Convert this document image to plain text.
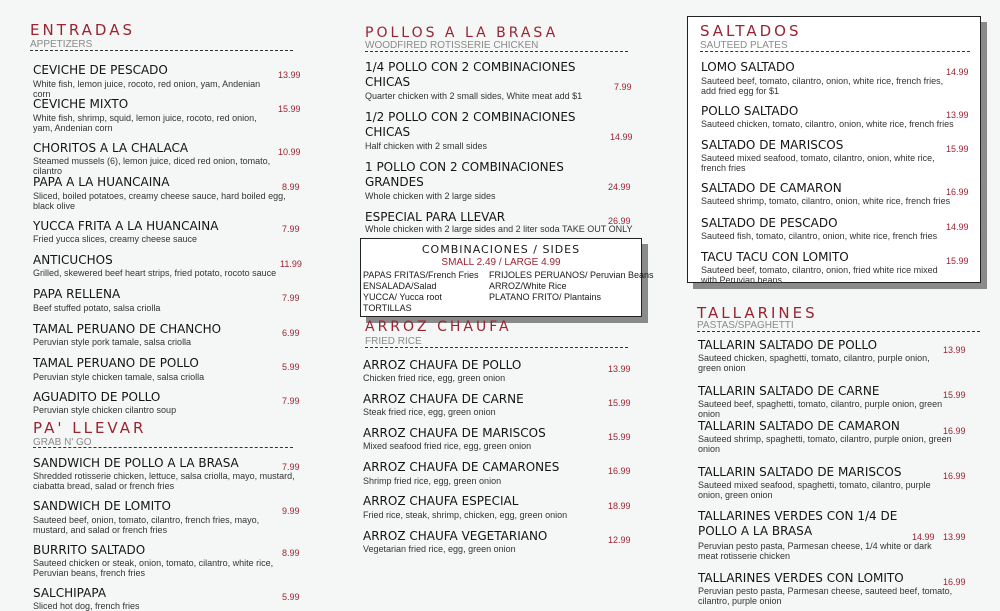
ENTRADAS
APPETIZERS
CEVICHE DE PESCADO
White fish, lemon juice, rocoto, red onion, yam, Andenian corn
13.99
CEVICHE MIXTO
White fish, shrimp, squid, lemon juice, rocoto, red onion, yam, Andenian corn
15.99
CHORITOS A LA CHALACA
Steamed mussels (6), lemon juice, diced red onion, tomato, cilantro
10.99
PAPA A LA HUANCAINA
Sliced, boiled potatoes, creamy cheese sauce, hard boiled egg, black olive
8.99
YUCCA FRITA A LA HUANCAINA
Fried yucca slices, creamy cheese sauce
7.99
ANTICUCHOS
Grilled, skewered beef heart strips, fried potato, rocoto sauce
11.99
PAPA RELLENA
Beef stuffed potato, salsa criolla
7.99
TAMAL PERUANO DE CHANCHO
Peruvian style pork tamale, salsa criolla
6.99
TAMAL PERUANO DE POLLO
Peruvian style chicken tamale, salsa criolla
5.99
AGUADITO DE POLLO
Peruvian style chicken cilantro soup
7.99
PA' LLEVAR
GRAB N' GO
SANDWICH DE POLLO A LA BRASA
Shredded rotisserie chicken, lettuce, salsa criolla, mayo, mustard, ciabatta bread, salad or french fries
7.99
SANDWICH DE LOMITO
Sauteed beef, onion, tomato, cilantro, french fries, mayo, mustard, and salad or french fries
9.99
BURRITO SALTADO
Sauteed chicken or steak, onion, tomato, cilantro, white rice, Peruvian beans, french fries
8.99
SALCHIPAPA
Sliced hot dog, french fries
5.99
POLLOS A LA BRASA
WOODFIRED ROTISSERIE CHICKEN
1/4 POLLO CON 2 COMBINACIONES CHICAS
Quarter chicken with 2 small sides, White meat add $1
7.99
1/2 POLLO CON 2 COMBINACIONES CHICAS
Half chicken with 2 small sides
14.99
1 POLLO CON 2 COMBINACIONES GRANDES
Whole chicken with 2 large sides
24.99
ESPECIAL PARA LLEVAR
Whole chicken with 2 large sides and 2 liter soda TAKE OUT ONLY
26.99
COMBINACIONES / SIDES
SMALL 2.49 / LARGE 4.99
PAPAS FRITAS/French Fries
ENSALADA/Salad
YUCCA/ Yucca root
TORTILLAS
FRIJOLES PERUANOS/ Peruvian Beans
ARROZ/White Rice
PLATANO FRITO/ Plantains
ARROZ CHAUFA
FRIED RICE
ARROZ CHAUFA DE POLLO
Chicken fried rice, egg, green onion
13.99
ARROZ CHAUFA DE CARNE
Steak fried rice, egg, green onion
15.99
ARROZ CHAUFA DE MARISCOS
Mixed seafood fried rice, egg, green onion
15.99
ARROZ CHAUFA DE CAMARONES
Shrimp fried rice, egg, green onion
16.99
ARROZ CHAUFA ESPECIAL
Fried rice, steak, shrimp, chicken, egg, green onion
18.99
ARROZ CHAUFA VEGETARIANO
Vegetarian fried rice, egg, green onion
12.99
SALTADOS
SAUTEED PLATES
LOMO SALTADO
Sauteed beef, tomato, cilantro, onion, white rice, french fries, add fried egg for $1
14.99
POLLO SALTADO
Sauteed chicken, tomato, cilantro, onion, white rice, french fries
13.99
SALTADO DE MARISCOS
Sauteed mixed seafood, tomato, cilantro, onion, white rice, french fries
15.99
SALTADO DE CAMARON
Sauteed shrimp, tomato, cilantro, onion, white rice, french fries
16.99
SALTADO DE PESCADO
Sauteed fish, tomato, cilantro, onion, white rice, french fries
14.99
TACU TACU CON LOMITO
Sauteed beef, tomato, cilantro, onion, fried white rice mixed with Peruvian beans
15.99
TALLARINES
PASTAS/SPAGHETTI
TALLARIN SALTADO DE POLLO
Sauteed chicken, spaghetti, tomato, cilantro, purple onion, green onion
13.99
TALLARIN SALTADO DE CARNE
Sauteed beef, spaghetti, tomato, cilantro, purple onion, green onion
15.99
TALLARIN SALTADO DE CAMARON
Sauteed shrimp, spaghetti, tomato, cilantro, purple onion, green onion
16.99
TALLARIN SALTADO DE MARISCOS
Sauteed mixed seafood, spaghetti, tomato, cilantro, purple onion, green onion
16.99
TALLARINES VERDES CON 1/4 DE POLLO A LA BRASA
Peruvian pesto pasta, Parmesan cheese, 1/4 white or dark meat rotisserie chicken
14.99 13.99
TALLARINES VERDES CON LOMITO
Peruvian pesto pasta, Parmesan cheese, sauteed beef, tomato, cilantro, purple onion
16.99
